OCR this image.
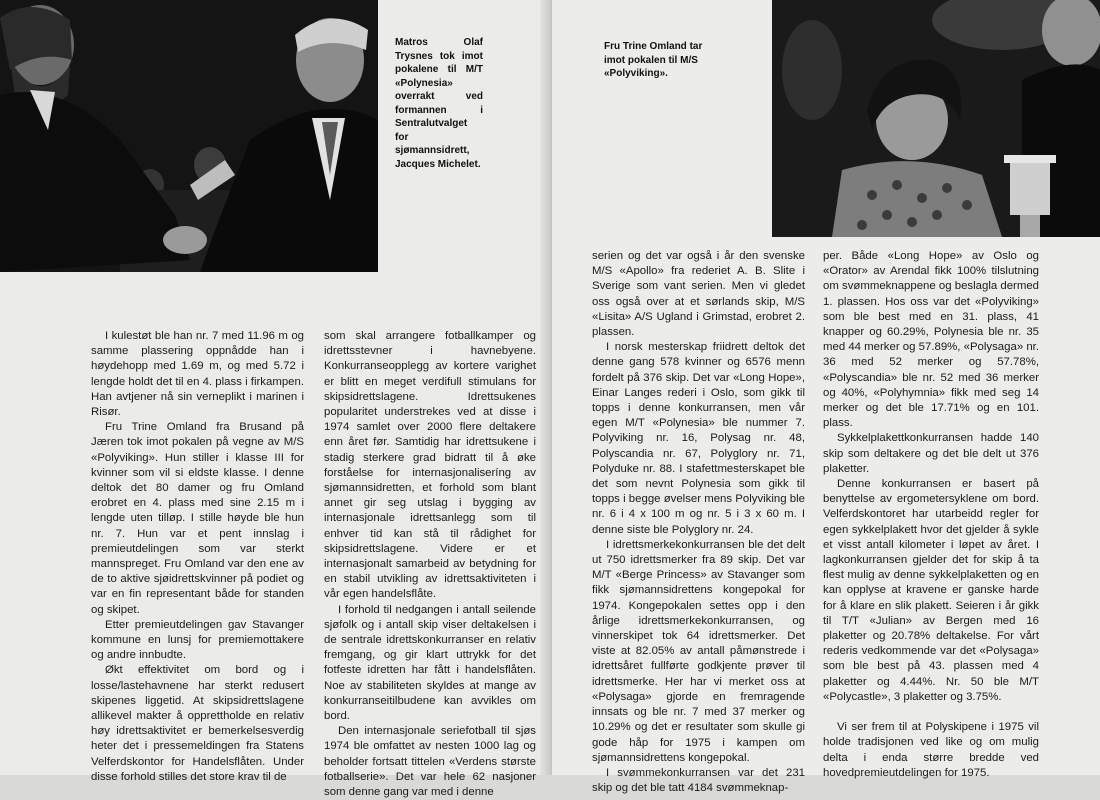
Matros Olaf Trysnes tok imot pokalene til M/T «Polynesia» overrakt ved formannen i Sentralutvalget for sjømannsidrett, Jacques Michelet.

I kulestøt ble han nr. 7 med 11.96 m og samme plassering oppnådde han i høydehopp med 1.69 m, og med 5.72 i lengde holdt det til en 4. plass i firkampen. Han avtjener nå sin verneplikt i marinen i Risør.

Fru Trine Omland fra Brusand på Jæren tok imot pokalen på vegne av M/S «Polyviking». Hun stiller i klasse III for kvinner som vil si eldste klasse. I denne deltok det 80 damer og fru Omland erobret en 4. plass med sine 2.15 m i lengde uten tilløp. I stille høyde ble hun nr. 7. Hun var et pent innslag i premieutdelingen som var sterkt mannspreget. Fru Omland var den ene av de to aktive sjøidrettskvinner på podiet og var en fin representant både for standen og skipet.

Etter premieutdelingen gav Stavanger kommune en lunsj for premiemottakere og andre innbudte.

Økt effektivitet om bord og i losse/lastehavnene har sterkt redusert skipenes liggetid. At skipsidrettslagene allikevel makter å opprettholde en relativ høy idrettsaktivitet er bemerkelsesverdig heter det i pressemeldingen fra Statens Velferdskontor for Handelsflåten. Under disse forhold stilles det store krav til de

som skal arrangere fotballkamper og idrettsstevner i havnebyene. Konkurranseopplegg av kortere varighet er blitt en meget verdifull stimulans for skipsidrettslagene. Idrettsukenes popularitet understrekes ved at disse i 1974 samlet over 2000 flere deltakere enn året før. Samtidig har idrettsukene i stadig sterkere grad bidratt til å øke forståelse for internasjonaliseríng av sjømannsidretten, et forhold som blant annet gir seg utslag i bygging av internasjonale idrettsanlegg som til enhver tid kan stå til rådighet for skipsidrettslagene. Videre er et internasjonalt samarbeid av betydning for en stabil utvikling av idrettsaktiviteten i vår egen handelsflåte.

I forhold til nedgangen i antall seilende sjøfolk og i antall skip viser deltakelsen i de sentrale idrettskonkurranser en relativ fremgang, og gir klart uttrykk for det fotfeste idretten har fått i handelsflåten. Noe av stabiliteten skyldes at mange av konkurranseitilbudene kan avvikles om bord.

Den internasjonale seriefotball til sjøs 1974 ble omfattet av nesten 1000 lag og beholder fortsatt tittelen «Verdens største fotballserie». Det var hele 62 nasjoner som denne gang var med i denne

Fru Trine Omland tar imot pokalen til M/S «Polyviking».

serien og det var også i år den svenske M/S «Apollo» fra rederiet A. B. Slite i Sverige som vant serien. Men vi gledet oss også over at et sørlands skip, M/S «Lisita» A/S Ugland i Grimstad, erobret 2. plassen.

I norsk mesterskap friidrett deltok det denne gang 578 kvinner og 6576 menn fordelt på 376 skip. Det var «Long Hope», Einar Langes rederi i Oslo, som gikk til topps i denne konkurransen, men vår egen M/T «Polynesia» ble nummer 7. Polyviking nr. 16, Polysag nr. 48, Polyscandia nr. 67, Polyglory nr. 71, Polyduke nr. 88. I stafettmesterskapet ble det som nevnt Polynesia som gikk til topps i begge øvelser mens Polyviking ble nr. 6 i 4 x 100 m og nr. 5 i 3 x 60 m. I denne siste ble Polyglory nr. 24.

I idrettsmerkekonkurransen ble det delt ut 750 idrettsmerker fra 89 skip. Det var M/T «Berge Princess» av Stavanger som fikk sjømannsidrettens kongepokal for 1974. Kongepokalen settes opp i den årlige idrettsmerkekonkurransen, og vinnerskipet tok 64 idrettsmerker. Det viste at 82.05% av antall påmønstrede i idrettsåret fullførte godkjente prøver til idrettsmerke. Her har vi merket oss at «Polysaga» gjorde en fremragende innsats og ble nr. 7 med 37 merker og 10.29% og det er resultater som skulle gi gode håp for 1975 i kampen om sjømannsidrettens kongepokal.

I svømmekonkurransen var det 231 skip og det ble tatt 4184 svømmeknap-

per. Både «Long Hope» av Oslo og «Orator» av Arendal fikk 100% tilslutning om svømmeknappene og beslagla dermed 1. plassen. Hos oss var det «Polyviking» som ble best med en 31. plass, 41 knapper og 60.29%, Polynesia ble nr. 35 med 44 merker og 57.89%, «Polysaga» nr. 36 med 52 merker og 57.78%, «Polyscandia» ble nr. 52 med 36 merker og 40%, «Polyhymnia» fikk med seg 14 merker og det ble 17.71% og en 101. plass.

Sykkelplakettkonkurransen hadde 140 skip som deltakere og det ble delt ut 376 plaketter.

Denne konkurransen er basert på benyttelse av ergometersyklene om bord. Velferdskontoret har utarbeidd regler for egen sykkelplakett hvor det gjelder å sykle et visst antall kilometer i løpet av året. I lagkonkurransen gjelder det for skip å ta flest mulig av denne sykkelplaketten og en kan opplyse at kravene er ganske harde for å klare en slik plakett. Seieren i år gikk til T/T «Julian» av Bergen med 16 plaketter og 20.78% deltakelse. For vårt rederis vedkommende var det «Polysaga» som ble best på 43. plassen med 4 plaketter og 4.44%. Nr. 50 ble M/T «Polycastle», 3 plaketter og 3.75%.

Vi ser frem til at Polyskipene i 1975 vil holde tradisjonen ved like og om mulig delta i enda større bredde ved hovedpremieutdelingen for 1975.
